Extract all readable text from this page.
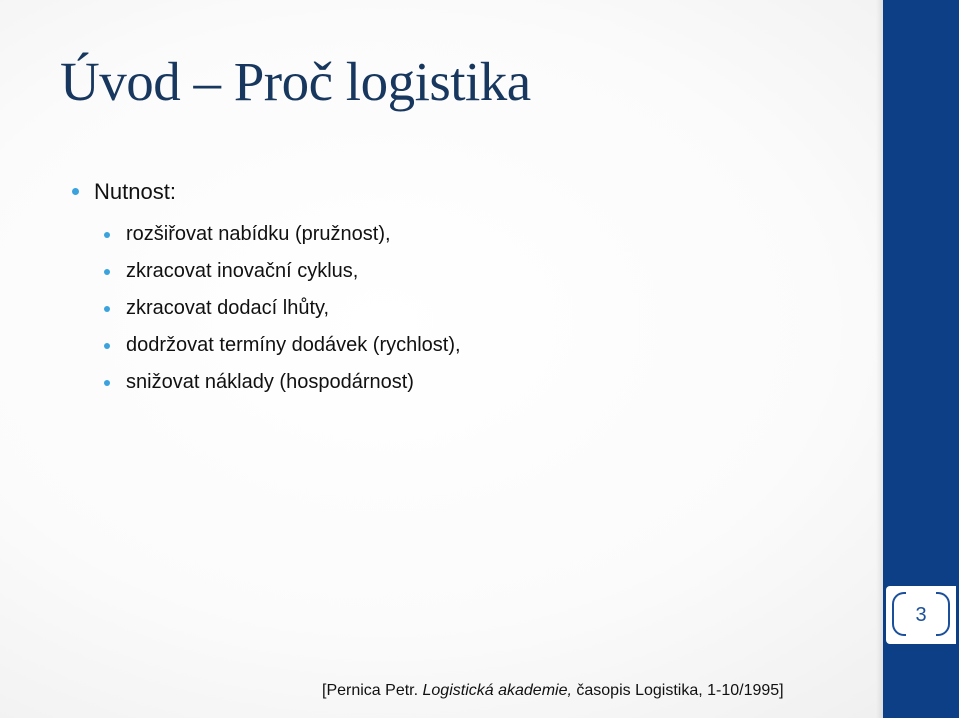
Úvod – Proč logistika
Nutnost:
rozšiřovat nabídku (pružnost),
zkracovat inovační cyklus,
zkracovat dodací lhůty,
dodržovat termíny dodávek (rychlost),
snižovat náklady (hospodárnost)
3
[Pernica Petr. Logistická akademie, časopis Logistika, 1-10/1995]
